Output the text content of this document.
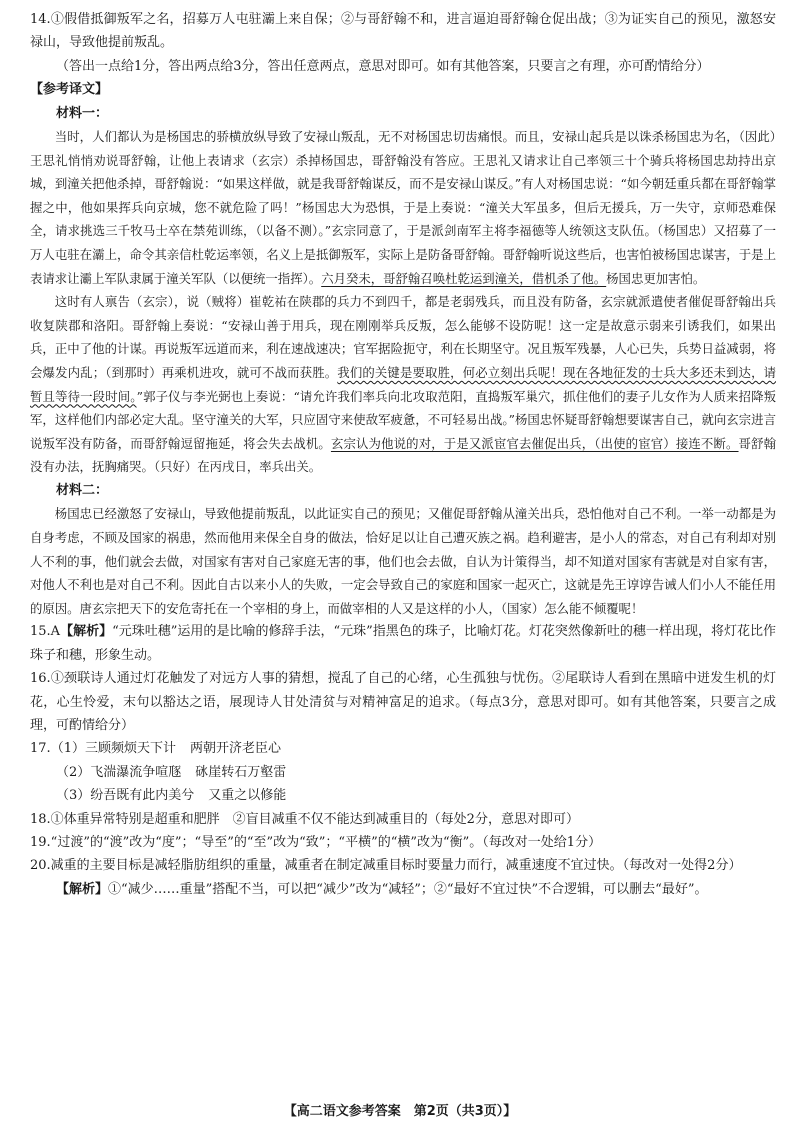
14.①假借抵御叛军之名，招募万人屯驻灞上来自保；②与哥舒翰不和，进言逼迫哥舒翰仓促出战；③为证实自己的预见，激怒安禄山，导致他提前叛乱。

（答出一点给1分，答出两点给3分，答出任意两点，意思对即可。如有其他答案，只要言之有理，亦可酌情给分）

【参考译文】

材料一：

当时，人们都认为是杨国忠的骄横放纵导致了安禄山叛乱，无不对杨国忠切齿痛恨。而且，安禄山起兵是以诛杀杨国忠为名，（因此）王思礼悄悄劝说哥舒翰，让他上表请求（玄宗）杀掉杨国忠，哥舒翰没有答应。王思礼又请求让自己率领三十个骑兵将杨国忠劫持出京城，到潼关把他杀掉，哥舒翰说：“如果这样做，就是我哥舒翰谋反，而不是安禄山谋反。”有人对杨国忠说：“如今朝廷重兵都在哥舒翰掌握之中，他如果挥兵向京城，您不就危险了吗！”杨国忠大为恐惧，于是上奏说：“潼关大军虽多，但后无援兵，万一失守，京师恐难保全，请求挑选三千牧马士卒在禁苑训练，（以备不测）。”玄宗同意了，于是派剑南军主将李福德等人统领这支队伍。（杨国忠）又招募了一万人屯驻在灞上，命令其亲信杜乾运率领，名义上是抵御叛军，实际上是防备哥舒翰。哥舒翰听说这些后，也害怕被杨国忠谋害，于是上表请求让灞上军队隶属于潼关军队（以便统一指挥）。六月癸未，哥舒翰召唤杜乾运到潼关，借机杀了他。杨国忠更加害怕。

这时有人禀告（玄宗），说（贼将）崔乾祐在陕郡的兵力不到四千，都是老弱残兵，而且没有防备，玄宗就派遣使者催促哥舒翰出兵收复陕郡和洛阳。哥舒翰上奏说：“安禄山善于用兵，现在刚刚举兵反叛，怎么能够不设防呢！这一定是故意示弱来引诱我们，如果出兵，正中了他的计谋。再说叛军远道而来，利在速战速决；官军据险扼守，利在长期坚守。况且叛军残暴，人心已失，兵势日益减弱，将会爆发内乱；（到那时）再乘机进攻，就可不战而获胜。我们的关键是要取胜，何必立刻出兵呢！现在各地征发的士兵大多还未到达，请暂且等待一段时间。”郭子仪与李光弼也上奏说：“请允许我们率兵向北攻取范阳，直捣叛军巢穴，抓住他们的妻子儿女作为人质来招降叛军，这样他们内部必定大乱。坚守潼关的大军，只应固守来使敌军疲惫，不可轻易出战。”杨国忠怀疑哥舒翰想要谋害自己，就向玄宗进言说叛军没有防备，而哥舒翰逗留拖延，将会失去战机。玄宗认为他说的对，于是又派宦官去催促出兵，（出使的宦官）接连不断。哥舒翰没有办法，抚胸痛哭。（只好）在丙戌日，率兵出关。

材料二：

杨国忠已经激怒了安禄山，导致他提前叛乱，以此证实自己的预见；又催促哥舒翰从潼关出兵，恐怕他对自己不利。一举一动都是为自身考虑，不顾及国家的祸患，然而他用来保全自身的做法，恰好足以让自己遭灭族之祸。趋利避害，是小人的常态，对自己有利却对别人不利的事，他们就会去做，对国家有害对自己家庭无害的事，他们也会去做，自认为计策得当，却不知道对国家有害就是对自家有害，对他人不利也是对自己不利。因此自古以来小人的失败，一定会导致自己的家庭和国家一起灭亡，这就是先王谆谆告诫人们小人不能任用的原因。唐玄宗把天下的安危寄托在一个宰相的身上，而做宰相的人又是这样的小人，（国家）怎么能不倾覆呢！

15.A【解析】“元珠吐穗”运用的是比喻的修辞手法，“元珠”指黑色的珠子，比喻灯花。灯花突然像新吐的穗一样出现，将灯花比作珠子和穗，形象生动。

16.①颈联诗人通过灯花触发了对远方人事的猜想，搅乱了自己的心绪，心生孤独与忧伤。②尾联诗人看到在黑暗中迸发生机的灯花，心生怜爱，末句以豁达之语，展现诗人甘处清贫与对精神富足的追求。（每点3分，意思对即可。如有其他答案，只要言之成理，可酌情给分）

17.（1）三顾频烦天下计 两朝开济老臣心

（2）飞湍瀑流争喧豗 砯崖转石万壑雷

（3）纷吾既有此内美兮 又重之以修能

18.①体重异常特别是超重和肥胖　②盲目减重不仅不能达到减重目的（每处2分，意思对即可）

19.“过渡”的“渡”改为“度”；“导至”的“至”改为“致”；“平横”的“横”改为“衡”。（每改对一处给1分）

20.减重的主要目标是减轻脂肪组织的重量，减重者在制定减重目标时要量力而行，减重速度不宜过快。（每改对一处得2分）

【解析】①“减少……重量”搭配不当，可以把“减少”改为“减轻”；②“最好不宜过快”不合逻辑，可以删去“最好”。

【高二语文参考答案　第2页（共3页）】
